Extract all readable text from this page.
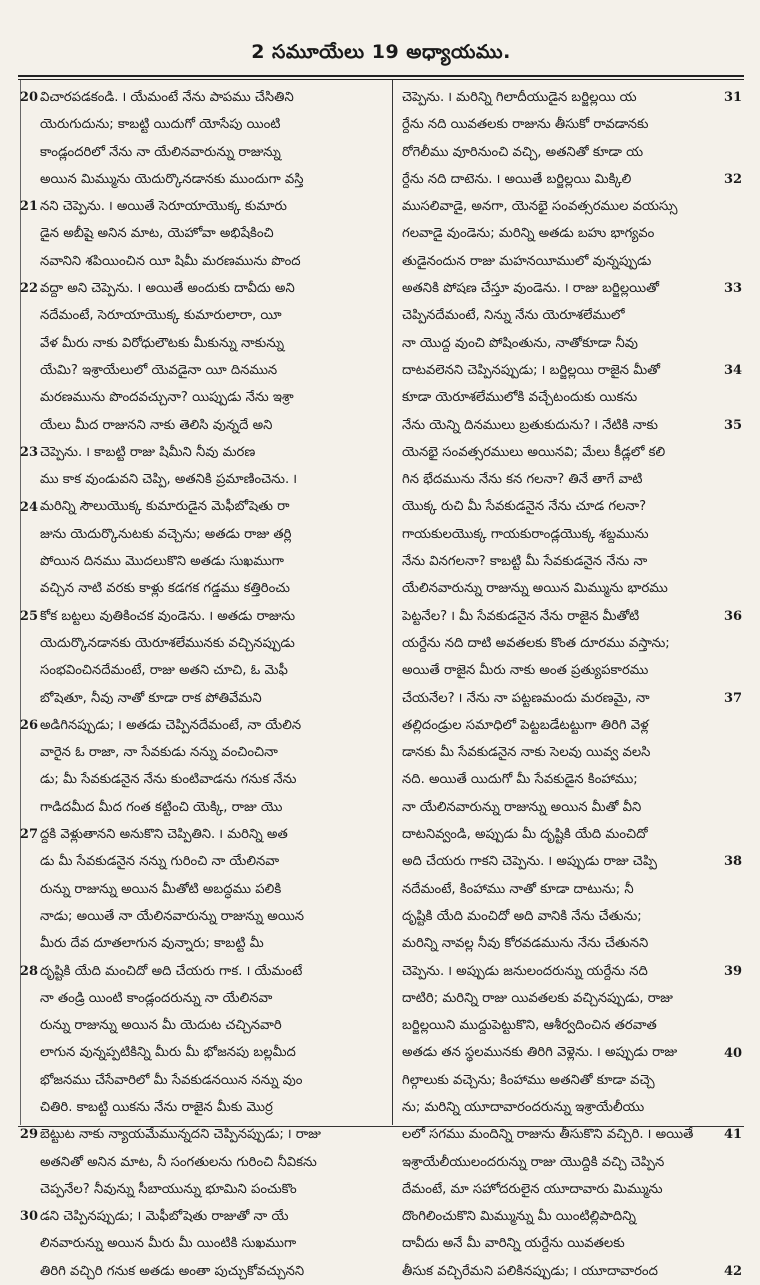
2 సమూయేలు 19 అధ్యాయము.
విచారపడకండి. ౹ యేమంటే నేను పాపము చేసితిని
యెరుగుదును; కాబట్టి యిదుగో యోసేపు యింటి
కాండ్లందరిలో నేను నా యేలినవారున్ను రాజున్ను
అయిన మిమ్మును యెదుర్కొనడానకు ముందుగా వస్తి
నని చెప్పెను. ౹ అయితే సెరూయాయొక్క కుమారు
డైన అబీషై అనిన మాట, యెహోవా అభిషేకించి
నవానిని శపియించిన యీ షిమీ మరణమును పొంద
వద్దా అని చెప్పెను. ౹ అయితే అందుకు దావీదు అని
నదేమంటే, సెరూయాయొక్క కుమారులారా, యీ
వేళ మీరు నాకు విరోధులౌటకు మీకున్ను నాకున్ను
యేమి? ఇశ్రాయేలులో యెవడైనా యీ దినమున
మరణమును పొందవచ్చునా? యిప్పుడు నేను ఇశ్రా
యేలు మీద రాజునని నాకు తెలిసి వున్నదే అని
చెప్పెను. ౹ కాబట్టి రాజు షిమీని నీవు మరణ
ము కాక వుండువని చెప్పి, అతనికి ప్రమాణించెను. ౹
మరిన్ని సౌలుయొక్క కుమారుడైన మెఫీబోషెతు రా
జును యెదుర్కొనుటకు వచ్చెను; అతడు రాజు తర్లి
పోయిన దినము మొదలుకొని అతడు సుఖముగా
వచ్చిన నాటి వరకు కాళ్లు కడగక గడ్డము కత్తిరించు
కోక బట్టలు వుతికించక వుండెను. ౹ అతడు రాజును
యెదుర్కొనడానకు యెరూశలేమునకు వచ్చినప్పుడు
సంభవించినదేమంటే, రాజు అతని చూచి, ఓ మెఫీ
బోషెతూ, నీవు నాతో కూడా రాక పోతివేమని
అడిగినప్పుడు; ౹ అతడు చెప్పినదేమంటే, నా యేలిన
వారైన ఓ రాజా, నా సేవకుడు నన్ను వంచించినా
డు; మీ సేవకుడనైన నేను కుంటివాడను గనుక నేను
గాడిదమీద మీద గంత కట్టించి యెక్కి, రాజు యొ
ద్దకి వెళ్లుతానని అనుకొని చెప్పితిని. ౹ మరిన్ని అత
డు మీ సేవకుడనైన నన్ను గురించి నా యేలినవా
రున్ను రాజున్ను అయిన మీతోటి అబద్ధము పలికి
నాడు; అయితే నా యేలినవారున్ను రాజున్ను అయిన
మీరు దేవ దూతలాగున వున్నారు; కాబట్టి మీ
దృష్టికి యేది మంచిదో అది చేయరు గాక. ౹ యేమంటే
నా తండ్రి యింటి కాండ్లందరున్ను నా యేలినవా
రున్ను రాజున్ను అయిన మీ యెదుట చచ్చినవారి
లాగున వున్నప్పటికిన్ని మీరు మీ భోజనపు బల్లమీద
భోజనము చేసేవారిలో మీ సేవకుడనయిన నన్ను వుం
చితిరి. కాబట్టి యికను నేను రాజైన మీకు మొర్ర
బెట్టుట నాకు న్యాయమేమున్నదని చెప్పినప్పుడు; ౹ రాజు
అతనితో అనిన మాట, నీ సంగతులను గురించి నీవికను
చెప్పనేల? నీవున్ను సీబాయున్ను భూమిని పంచుకొం
డని చెప్పినప్పుడు; ౹ మెఫీబోషెతు రాజుతో నా యే
లినవారున్ను అయిన మీరు మీ యింటికి సుఖముగా
తిరిగి వచ్చిరి గనుక అతడు అంతా పుచ్చుకోవచ్చునని
చెప్పెను. ౹ మరిన్ని గిలాదీయుడైన బర్జిల్లయి య
ర్దేను నది యివతలకు రాజును తీసుకో రావడానకు
రోగెలీము వూరినుంచి వచ్చి, అతనితో కూడా య
ర్దేను నది దాటెను. ౹ అయితే బర్జిల్లయి మిక్కిలి
ముసలివాడై, అనగా, యెనభై సంవత్సరముల వయస్సు
గలవాడై వుండెను; మరిన్ని అతడు బహు భాగ్యవం
తుడైనందున రాజు మహనయీములో వున్నప్పుడు
అతనికి పోషణ చేస్తూ వుండెను. ౹ రాజు బర్జిల్లయితో
చెప్పినదేమంటే, నిన్ను నేను యెరూశలేములో
నా యొద్ద వుంచి పోషింతును, నాతోకూడా నీవు
దాటవలెనని చెప్పినప్పుడు; ౹ బర్జిల్లయి రాజైన మీతో
కూడా యెరూశలేములోకి వచ్చేటందుకు యికను
నేను యెన్ని దినములు బ్రతుకుదును? ౹ నేటికి నాకు
యెనభై సంవత్సరములు అయినవి; మేలు కీడ్లలో కలి
గిన భేదమును నేను కన గలనా? తినే తాగే వాటి
యొక్క రుచి మీ సేవకుడనైన నేను చూడ గలనా?
గాయకులయొక్క గాయకురాండ్లయొక్క శబ్దమును
నేను వినగలనా? కాబట్టి మీ సేవకుడనైన నేను నా
యేలినవారున్ను రాజున్ను అయిన మిమ్మును భారము
పెట్టనేల? ౹ మీ సేవకుడనైన నేను రాజైన మీతోటి
యర్దేను నది దాటి అవతలకు కొంత దూరము వస్తాను;
అయితే రాజైన మీరు నాకు అంత ప్రత్యుపకారము
చేయనేల? ౹ నేను నా పట్టణమందు మరణమై, నా
తల్లిదండ్రుల సమాధిలో పెట్టబడేటట్టుగా తిరిగి వెళ్ల
డానకు మీ సేవకుడనైన నాకు సెలవు యివ్వ వలసి
నది. అయితే యిదుగో మీ సేవకుడైన కింహాము;
నా యేలినవారున్ను రాజున్ను అయిన మీతో వీని
దాటనివ్వండి, అప్పుడు మీ దృష్టికి యేది మంచిదో
అది చేయరు గాకని చెప్పెను. ౹ అప్పుడు రాజు చెప్పి
నదేమంటే, కింహాము నాతో కూడా దాటును; నీ
దృష్టికి యేది మంచిదో అది వానికి నేను చేతును;
మరిన్ని నావల్ల నీవు కోరవడమును నేను చేతునని
చెప్పెను. ౹ అప్పుడు జనులందరున్ను యర్దేను నది
దాటిరి; మరిన్ని రాజు యివతలకు వచ్చినప్పుడు, రాజు
బర్జిల్లయిని ముద్దుపెట్టుకొని, ఆశీర్వదించిన తరవాత
అతడు తన స్థలమునకు తిరిగి వెళ్లెను. ౹ అప్పుడు రాజు
గిల్గాలుకు వచ్చెను; కింహాము అతనితో కూడా వచ్చె
ను; మరిన్ని యూదావారందరున్ను ఇశ్రాయేలీయు
లలో సగము మందిన్ని రాజును తీసుకొని వచ్చిరి. ౹ అయితే
ఇశ్రాయేలీయులందరున్ను రాజు యొద్దికి వచ్చి చెప్పిన
దేమంటే, మా సహోదరులైన యూదావారు మిమ్మును
దొంగిలించుకొని మిమ్మున్ను మీ యింటిల్లిపాదిన్ని
దావీదు అనే మీ వారిన్ని యర్దేను యివతలకు
తీసుక వచ్చిరేమని పలికినప్పుడు; ౹ యూదావారంద
20
21
22
23
24
25
26
27
28
29
30
31
32
33
34
35
36
37
38
39
40
41
42
